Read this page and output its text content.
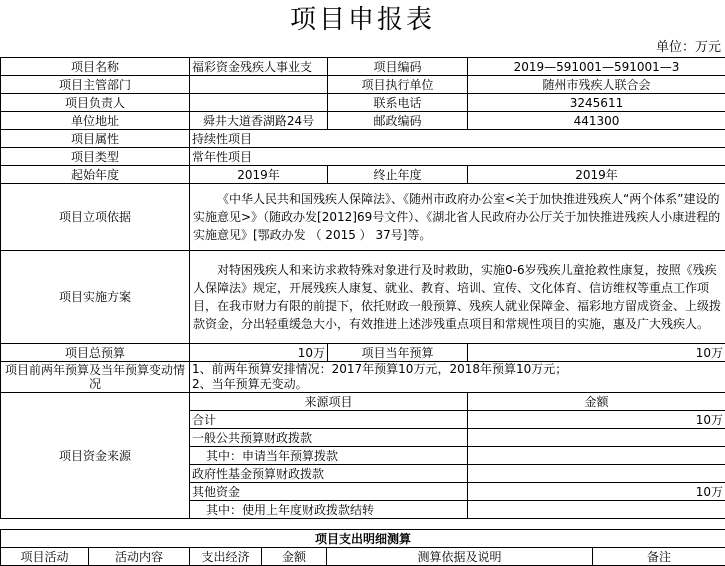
项目申报表
单位：万元
项目名称	福彩资金残疾人事业支	项目编码	2019—591001—591001—3
项目主管部门		项目执行单位	随州市残疾人联合会
项目负责人		联系电话	3245611
单位地址	舜井大道香湖路24号	邮政编码	441300
项目属性	持续性项目		
项目类型	常年性项目		
起始年度	2019年	终止年度	2019年
项目立项依据	《中华人民共和国残疾人保障法》、《随州市政府办公室<关于加快推进残疾人“两个体系”建设的实施意见>》（随政办发[2012]69号文件）、《湖北省人民政府办公厅关于加快推进残疾人小康进程的实施意见》[鄂政办发 （ 2015 ） 37号]等。		
项目实施方案	对特困残疾人和来访求救特殊对象进行及时救助，实施0-6岁残疾儿童抢救性康复，按照《残疾人保障法》规定，开展残疾人康复、就业、教育、培训、宣传、文化体育、信访维权等重点工作项目，在我市财力有限的前提下，依托财政一般预算、残疾人就业保障金、福彩地方留成资金、上级拨款资金，分出轻重缓急大小，有效推进上述涉残重点项目和常规性项目的实施，惠及广大残疾人。		
项目总预算	10万	项目当年预算	10万
项目前两年预算及当年预算变动情况	1、前两年预算安排情况：2017年预算10万元，2018年预算10万元；
2、当年预算无变动。		

项目资金来源	来源项目		金额
	合计		10万
	一般公共预算财政拨款		
	其中：申请当年预算拨款		
	政府性基金预算财政拨款		
	其他资金		10万
	其中：使用上年度财政拨款结转		
项目支出明细测算
项目活动	活动内容	支出经济	金额	测算依据及说明	备注
